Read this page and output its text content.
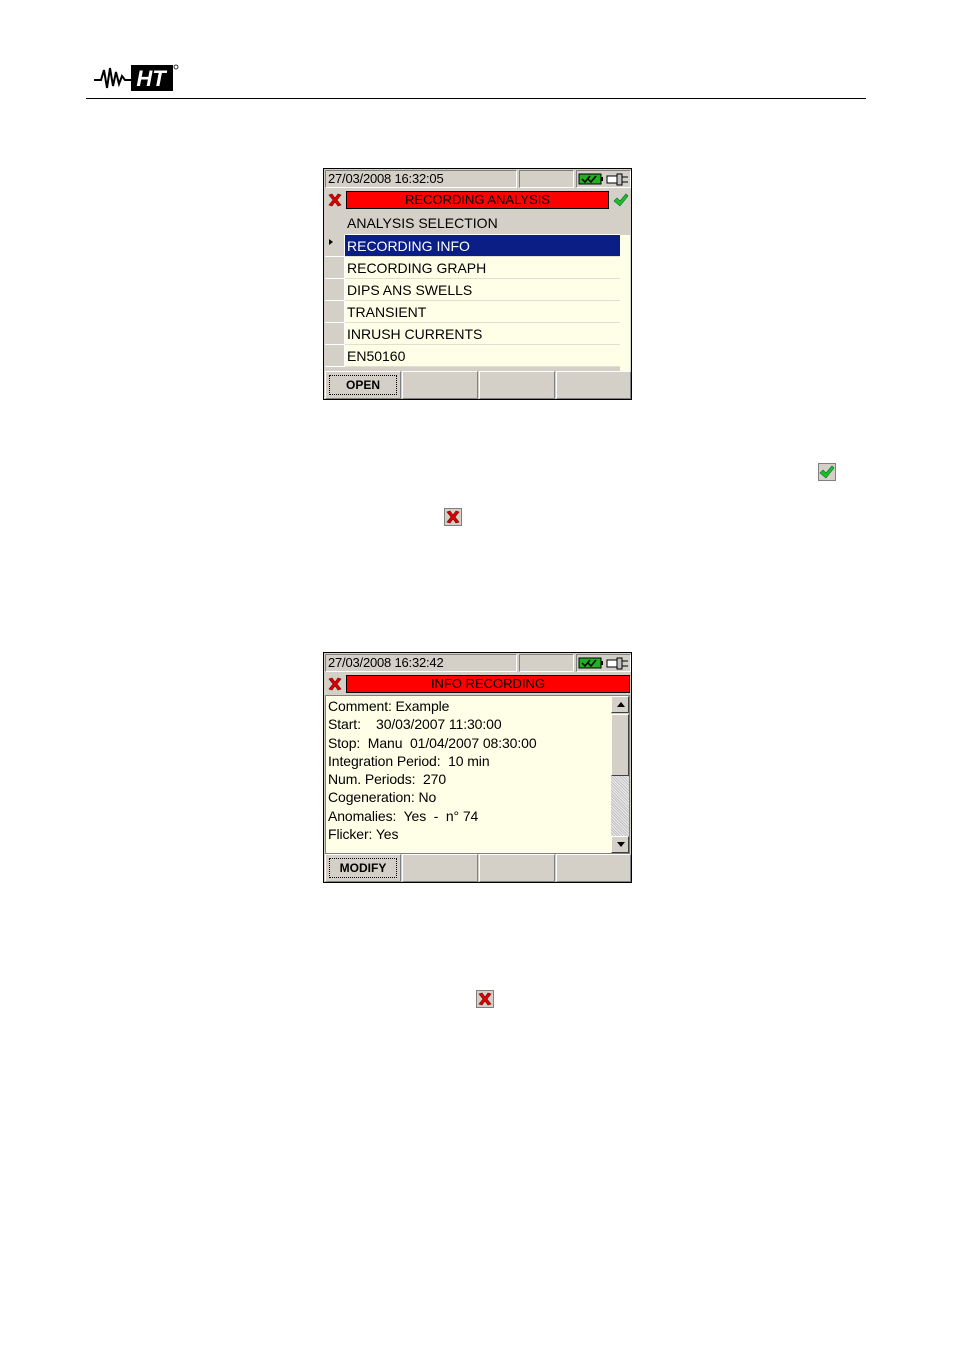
HT
27/03/2008 16:32:05
RECORDING ANALYSIS
ANALYSIS SELECTION
RECORDING INFO
RECORDING GRAPH
DIPS ANS SWELLS
TRANSIENT
INRUSH CURRENTS
EN50160
OPEN
27/03/2008 16:32:42
INFO RECORDING
Comment: Example
Start:    30/03/2007 11:30:00
Stop:  Manu  01/04/2007 08:30:00
Integration Period:  10 min
Num. Periods:  270
Cogeneration: No
Anomalies:  Yes  -  n° 74
Flicker: Yes
MODIFY
